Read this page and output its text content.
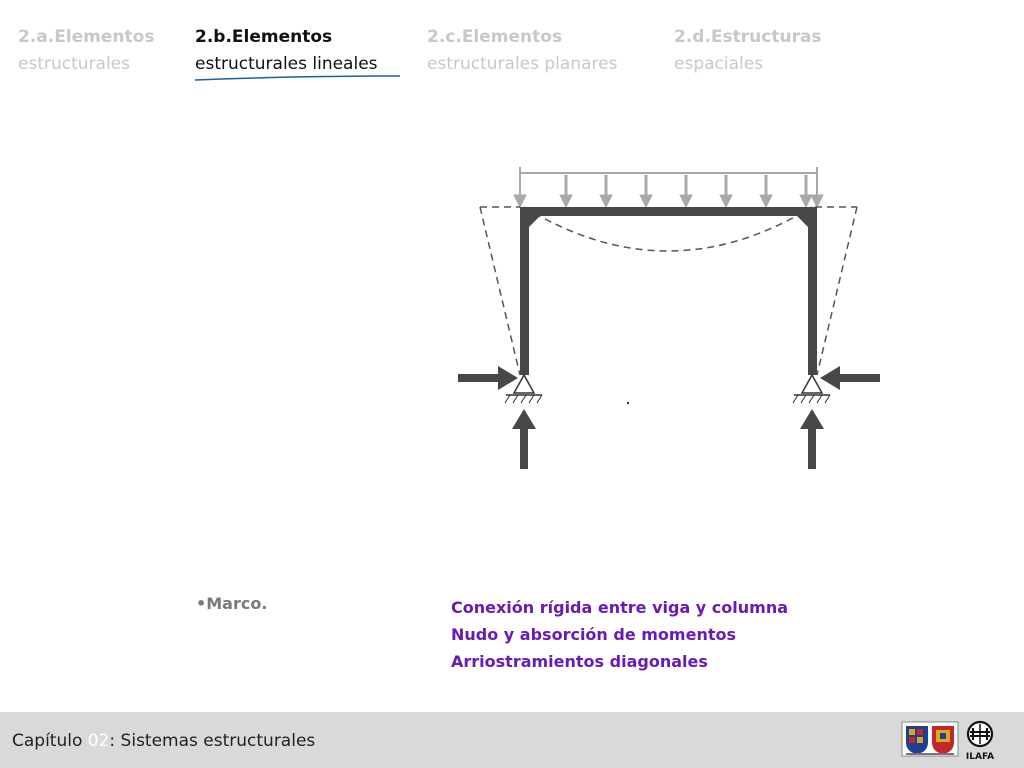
2.a.Elementos
estructurales
2.b.Elementos
estructurales lineales
2.c.Elementos
estructurales planares
2.d.Estructuras
espaciales
•Marco.	Conexión rígida entre viga y columna
Nudo y absorción de momentos
Arriostramientos diagonales
Capítulo 02: Sistemas estructurales
ILAFA
